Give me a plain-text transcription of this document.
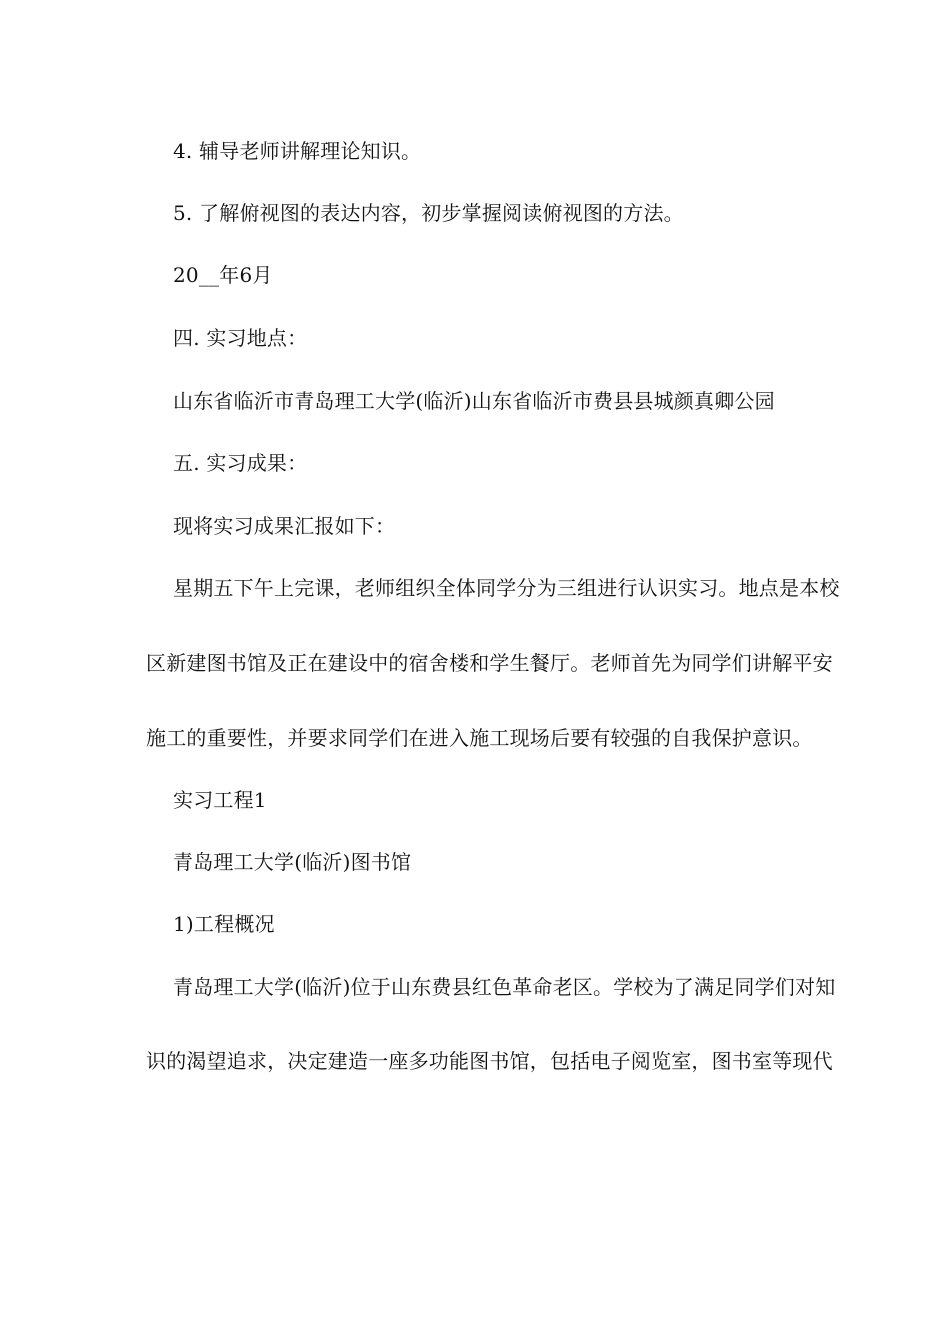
4. 辅导老师讲解理论知识。
5. 了解俯视图的表达内容，初步掌握阅读俯视图的方法。
20__年6月
四. 实习地点：
山东省临沂市青岛理工大学(临沂)山东省临沂市费县县城颜真卿公园
五. 实习成果：
现将实习成果汇报如下：
星期五下午上完课，老师组织全体同学分为三组进行认识实习。地点是本校
区新建图书馆及正在建设中的宿舍楼和学生餐厅。老师首先为同学们讲解平安
施工的重要性，并要求同学们在进入施工现场后要有较强的自我保护意识。
实习工程1
青岛理工大学(临沂)图书馆
1)工程概况
青岛理工大学(临沂)位于山东费县红色革命老区。学校为了满足同学们对知
识的渴望追求，决定建造一座多功能图书馆，包括电子阅览室，图书室等现代
